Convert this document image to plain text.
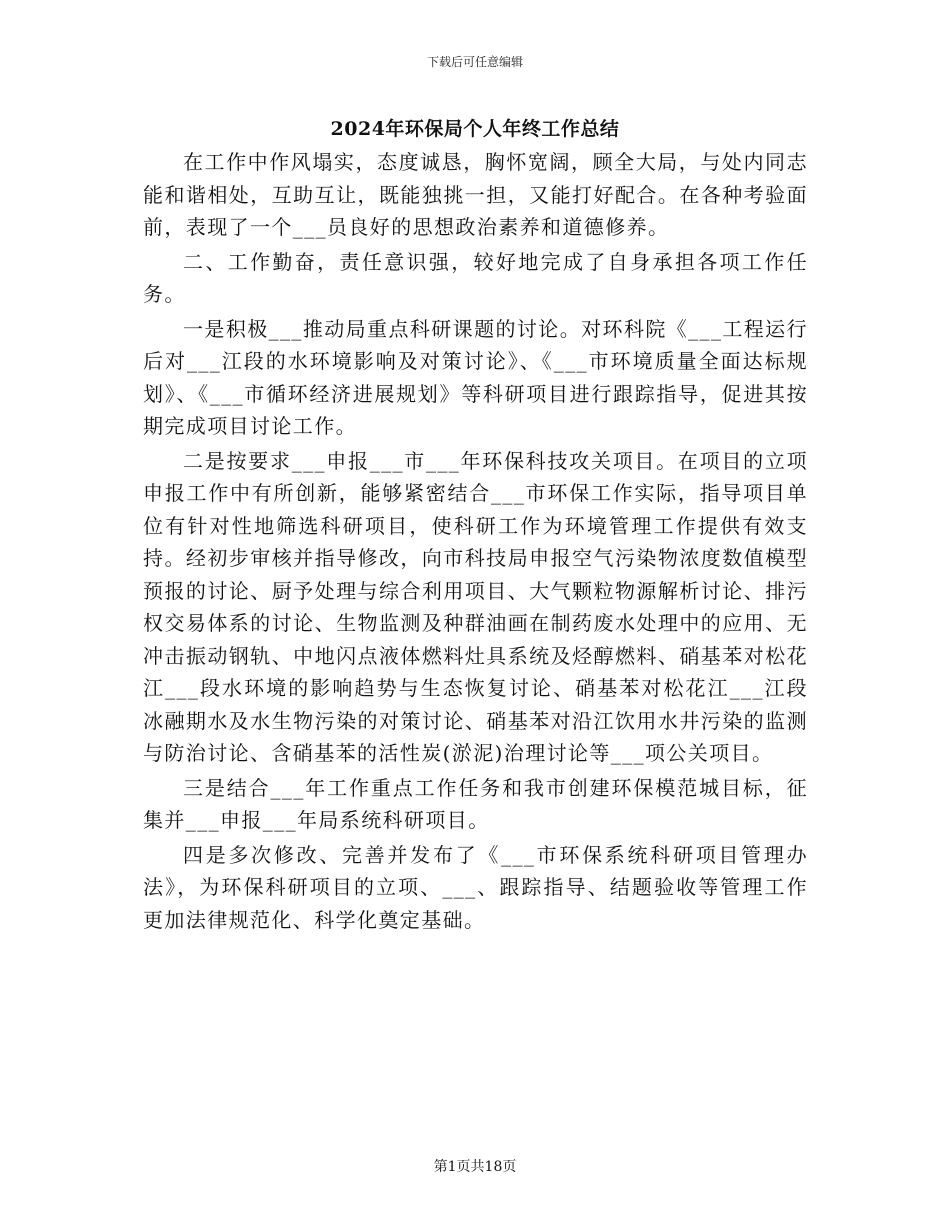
下载后可任意编辑
2024年环保局个人年终工作总结

在工作中作风塌实，态度诚恳，胸怀宽阔，顾全大局，与处内同志能和谐相处，互助互让，既能独挑一担，又能打好配合。在各种考验面前，表现了一个___员良好的思想政治素养和道德修养。

二、工作勤奋，责任意识强，较好地完成了自身承担各项工作任务。

一是积极___推动局重点科研课题的讨论。对环科院《___工程运行后对___江段的水环境影响及对策讨论》、《___市环境质量全面达标规划》、《___市循环经济进展规划》等科研项目进行跟踪指导，促进其按期完成项目讨论工作。

二是按要求___申报___市___年环保科技攻关项目。在项目的立项申报工作中有所创新，能够紧密结合___市环保工作实际，指导项目单位有针对性地筛选科研项目，使科研工作为环境管理工作提供有效支持。经初步审核并指导修改，向市科技局申报空气污染物浓度数值模型预报的讨论、厨予处理与综合利用项目、大气颗粒物源解析讨论、排污权交易体系的讨论、生物监测及种群油画在制药废水处理中的应用、无冲击振动钢轨、中地闪点液体燃料灶具系统及烃醇燃料、硝基苯对松花江___段水环境的影响趋势与生态恢复讨论、硝基苯对松花江___江段冰融期水及水生物污染的对策讨论、硝基苯对沿江饮用水井污染的监测与防治讨论、含硝基苯的活性炭(淤泥)治理讨论等___项公关项目。

三是结合___年工作重点工作任务和我市创建环保模范城目标，征集并___申报___年局系统科研项目。

四是多次修改、完善并发布了《___市环保系统科研项目管理办法》，为环保科研项目的立项、___、跟踪指导、结题验收等管理工作更加法律规范化、科学化奠定基础。

第1页共18页
